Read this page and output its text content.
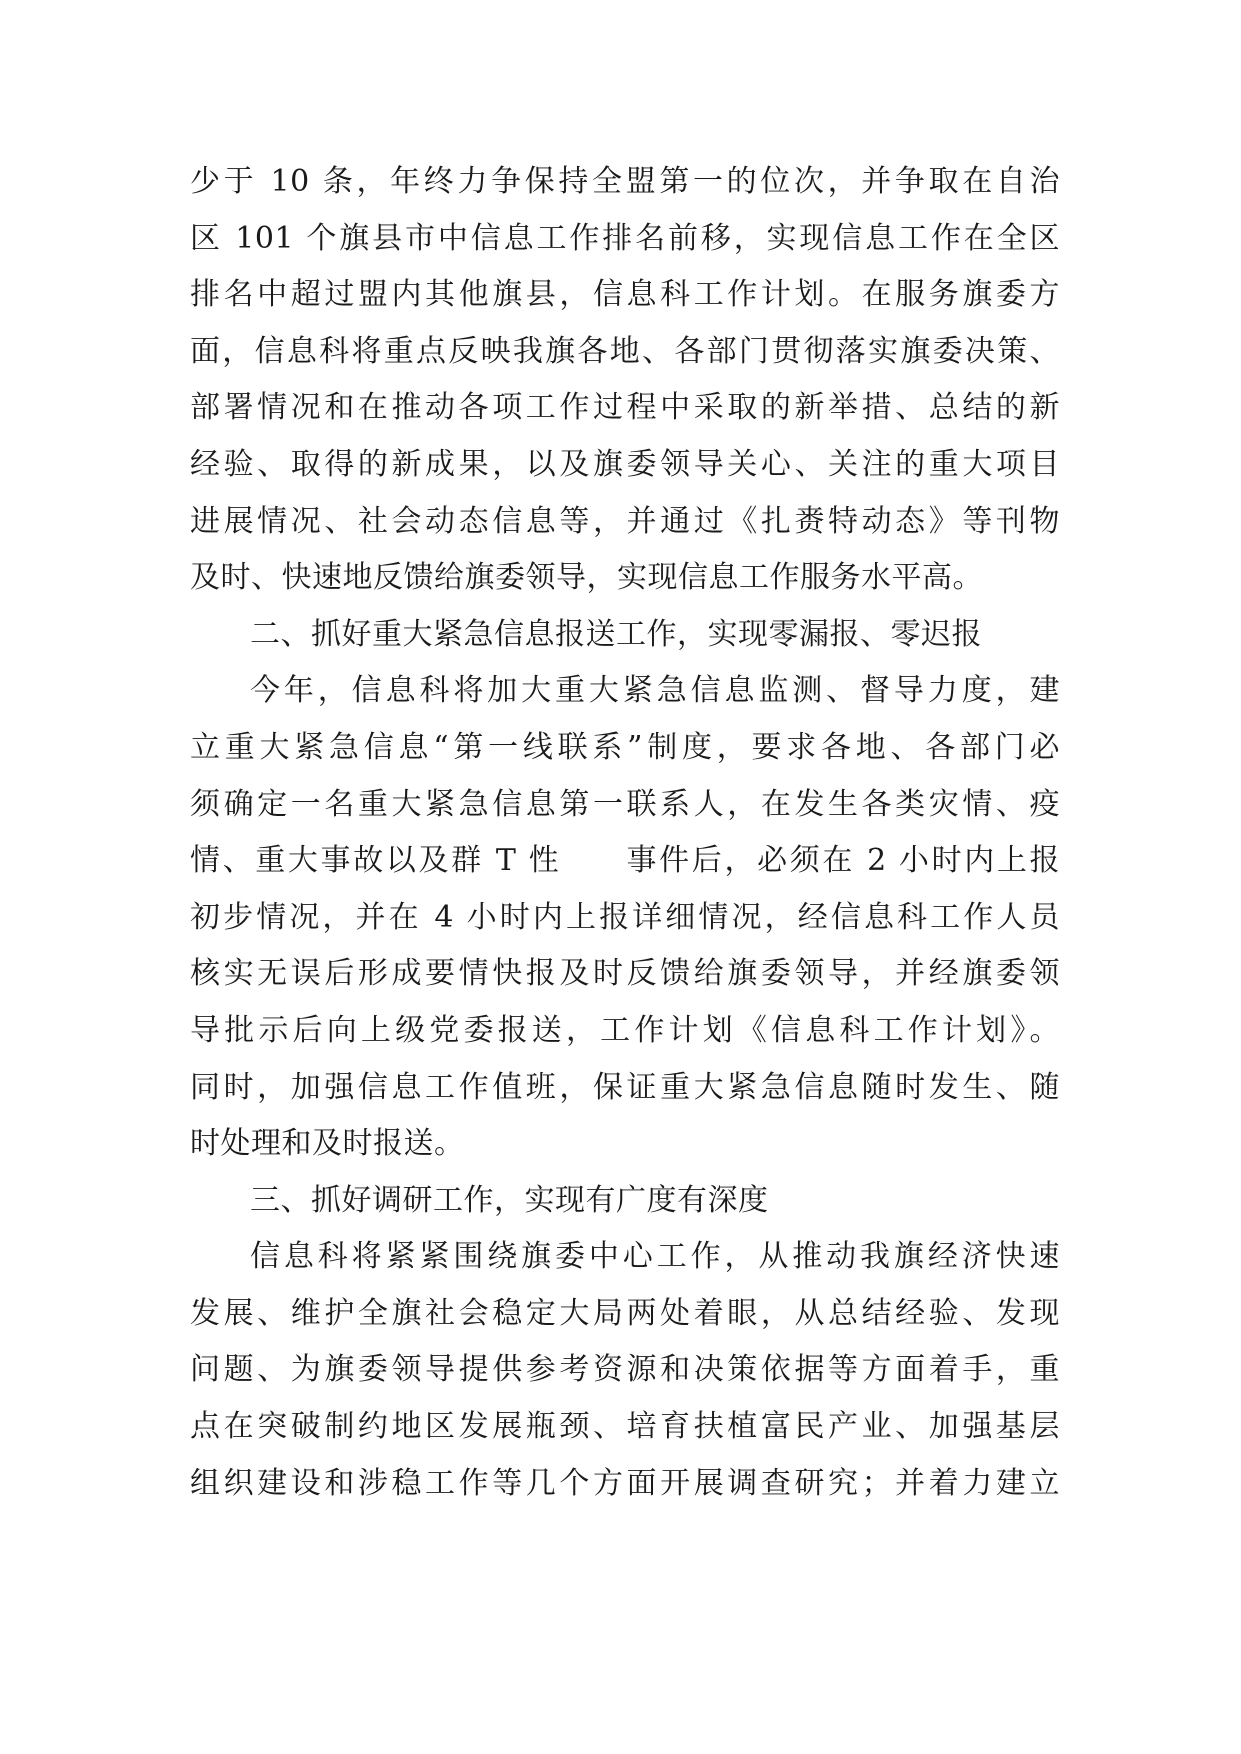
少于 10 条，年终力争保持全盟第一的位次，并争取在自治
区 101 个旗县市中信息工作排名前移，实现信息工作在全区
排名中超过盟内其他旗县，信息科工作计划。在服务旗委方
面，信息科将重点反映我旗各地、各部门贯彻落实旗委决策、
部署情况和在推动各项工作过程中采取的新举措、总结的新
经验、取得的新成果，以及旗委领导关心、关注的重大项目
进展情况、社会动态信息等，并通过《扎赉特动态》等刊物
及时、快速地反馈给旗委领导，实现信息工作服务水平高。
二、抓好重大紧急信息报送工作，实现零漏报、零迟报
今年，信息科将加大重大紧急信息监测、督导力度，建
立重大紧急信息“第一线联系”制度，要求各地、各部门必
须确定一名重大紧急信息第一联系人，在发生各类灾情、疫
情、重大事故以及群 T 性　　事件后，必须在 2 小时内上报
初步情况，并在 4 小时内上报详细情况，经信息科工作人员
核实无误后形成要情快报及时反馈给旗委领导，并经旗委领
导批示后向上级党委报送，工作计划《信息科工作计划》。
同时，加强信息工作值班，保证重大紧急信息随时发生、随
时处理和及时报送。
三、抓好调研工作，实现有广度有深度
信息科将紧紧围绕旗委中心工作，从推动我旗经济快速
发展、维护全旗社会稳定大局两处着眼，从总结经验、发现
问题、为旗委领导提供参考资源和决策依据等方面着手，重
点在突破制约地区发展瓶颈、培育扶植富民产业、加强基层
组织建设和涉稳工作等几个方面开展调查研究；并着力建立
